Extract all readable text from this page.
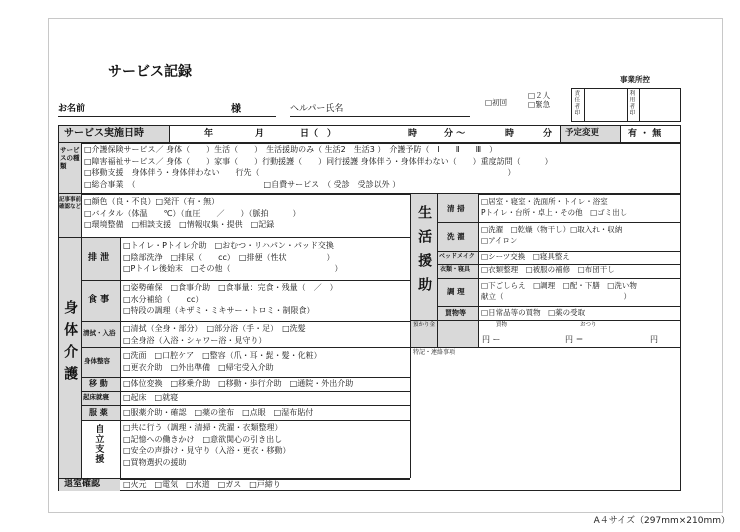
サービス記録	事業所控
お名前	様	ヘルパー氏名
□初回
□２人
□緊急	責任者印	利用者印
サービス実施日時	年	月	日（　）	時	分 ～	時	分 予定変更	有 ・ 無
サービスの種類
□介護保険サービス／ 身体（　　）生活（　　）　生活援助のみ（ 生活2　生活3 ）　介護予防（　Ⅰ　　Ⅱ　　Ⅲ　）
□障害福祉サービス／ 身体（　　）家事（　　）行動援護（　　）同行援護 身体伴う・身体伴わない（　　）重度訪問（　　　）
□移動支援　身体伴う・身体伴わない　　行先（　　　　　　　　　　　　　　　　　　　　　　　　　　　　　　　）
□総合事業　（　　　　　　　　　　　　　　　　□自費サービス　（ 受診　受診以外 ）
記事事前確認など
□顔色（良・不良）□発汗（有・無）
□バイタル（体温　　℃）（血圧　　／　　）（脈拍　　　）
□環境整備　□相談支援　□情報収集・提供　□記録
身体介護
排 泄
□トイレ・Pトイレ介助　□おむつ・リハパン・パッド交換
□陰部洗浄　□排尿（　　cc）　□排便（性状　　　　　）
□Pトイレ後始末　□その他（　　　　　　　　　　　　　）
食 事
□姿勢確保　□食事介助　□食事量：完食・残量（　／　）
□水分補給（　　cc）
□特段の調理（キザミ・ミキサー・トロミ・制限食）
清拭・入浴 □清拭（全身・部分）　□部分浴（手・足）　□洗髪
□全身浴（入浴・シャワー浴・見守り）
身体整容
□洗面　□口腔ケア　□整容（爪・耳・髭・髪・化粧）
□更衣介助　□外出準備　□帰宅受入介助
移 動 □体位変換　□移乗介助　□移動・歩行介助　□通院・外出介助
起床就寝 □起床　□就寝
服 薬 □服薬介助・確認　□薬の塗布　□点眼　□湿布貼付
自立支援 □共に行う（調理・清掃・洗濯・衣類整理）
□記憶への働きかけ　□意欲関心の引き出し
□安全の声掛け・見守り（入浴・更衣・移動）
□買物選択の援助
退室確認	□火元　□電気　□水道　□ガス　□戸締り
生活援助 清 掃
□居室・寝室・洗面所・トイレ・浴室
Pトイレ・台所・卓上・その他　□ゴミ出し
洗 濯
□洗濯　□乾燥（物干し）□取入れ・収納
□アイロン
ベッドメイク □シーツ交換　□寝具整え
衣類・寝具 □衣類整理　□被服の補修　□布団干し
調 理
□下ごしらえ　□調理　□配・下膳　□洗い物
献立（　　　　　　　　　　　　　　　　）
買物等 □日常品等の買物　□薬の受取
預かり金	買物	おつり
円 ー	円 ＝	円
特記・連絡事項
A４サイズ（297mm×210mm）
